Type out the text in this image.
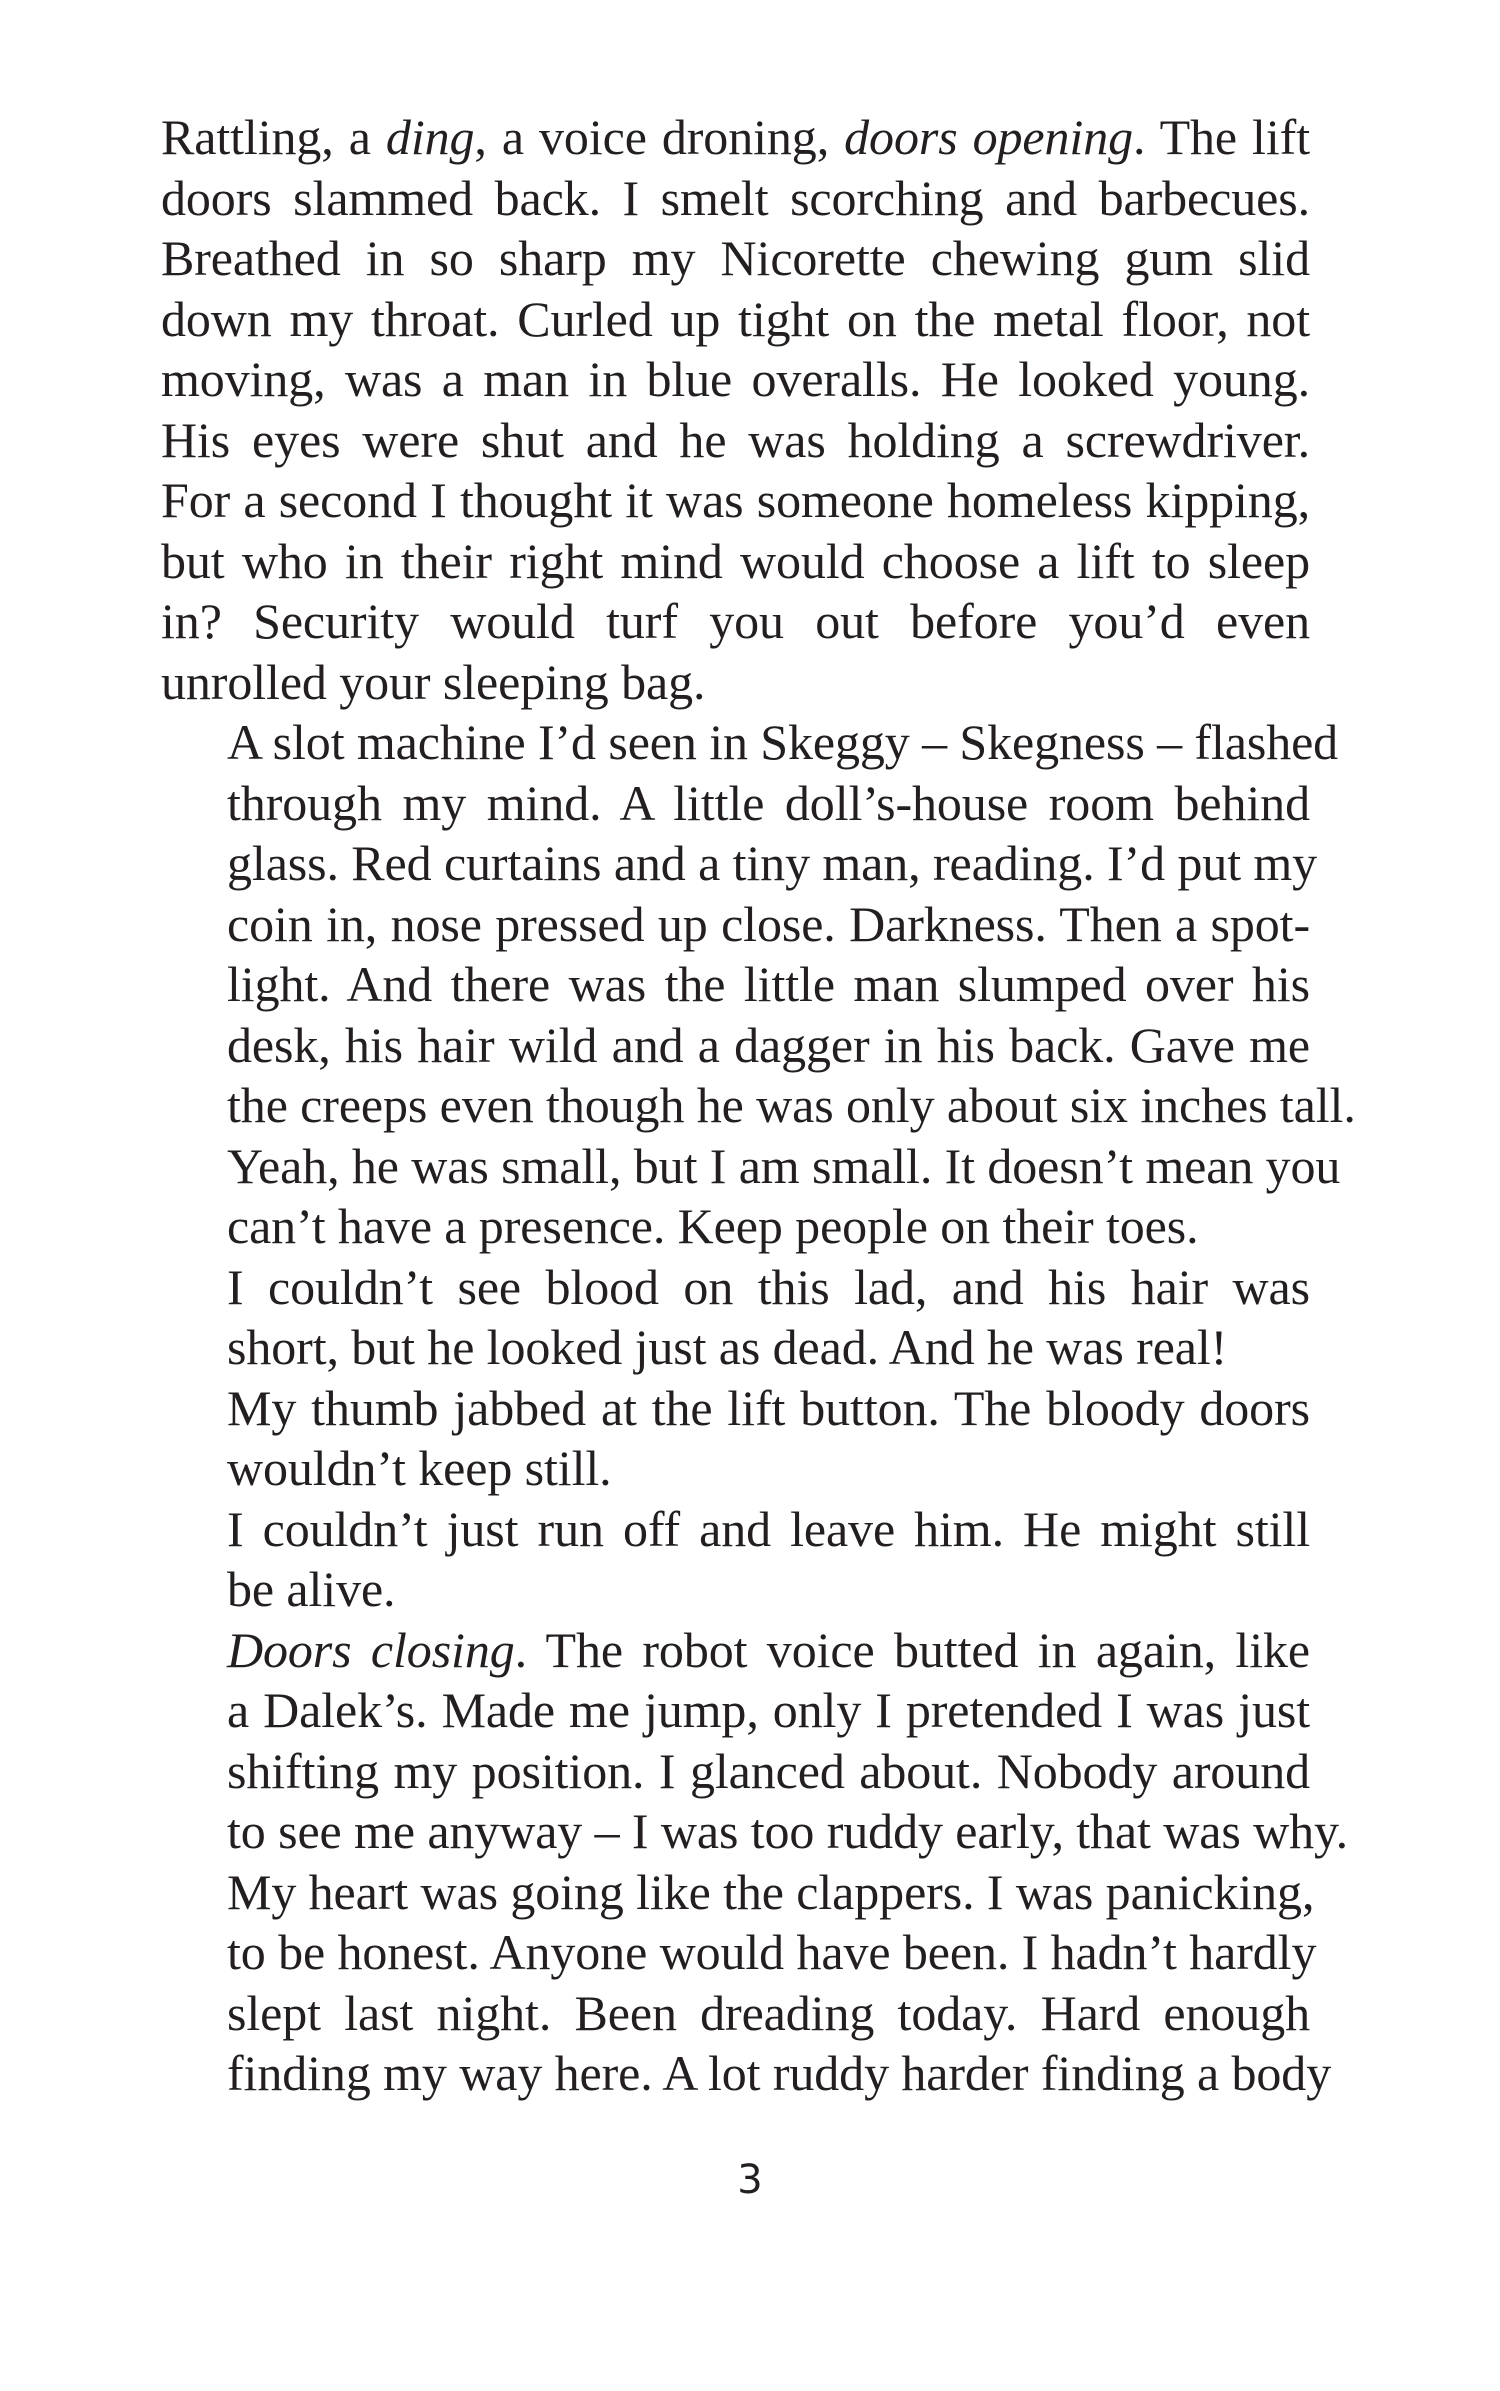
Rattling, a ding, a voice droning, doors opening. The lift
doors slammed back. I smelt scorching and barbecues.
Breathed in so sharp my Nicorette chewing gum slid
down my throat. Curled up tight on the metal floor, not
moving, was a man in blue overalls. He looked young.
His eyes were shut and he was holding a screwdriver.
For a second I thought it was someone homeless kipping,
but who in their right mind would choose a lift to sleep
in? Security would turf you out before you’d even
unrolled your sleeping bag.

A slot machine I’d seen in Skeggy – Skegness – flashed
through my mind. A little doll’s-house room behind
glass. Red curtains and a tiny man, reading. I’d put my
coin in, nose pressed up close. Darkness. Then a spot-
light. And there was the little man slumped over his
desk, his hair wild and a dagger in his back. Gave me
the creeps even though he was only about six inches tall.
Yeah, he was small, but I am small. It doesn’t mean you
can’t have a presence. Keep people on their toes.

I couldn’t see blood on this lad, and his hair was
short, but he looked just as dead. And he was real!

My thumb jabbed at the lift button. The bloody doors
wouldn’t keep still.

I couldn’t just run off and leave him. He might still
be alive.

Doors closing. The robot voice butted in again, like
a Dalek’s. Made me jump, only I pretended I was just
shifting my position. I glanced about. Nobody around
to see me anyway – I was too ruddy early, that was why.
My heart was going like the clappers. I was panicking,
to be honest. Anyone would have been. I hadn’t hardly
slept last night. Been dreading today. Hard enough
finding my way here. A lot ruddy harder finding a body

3
